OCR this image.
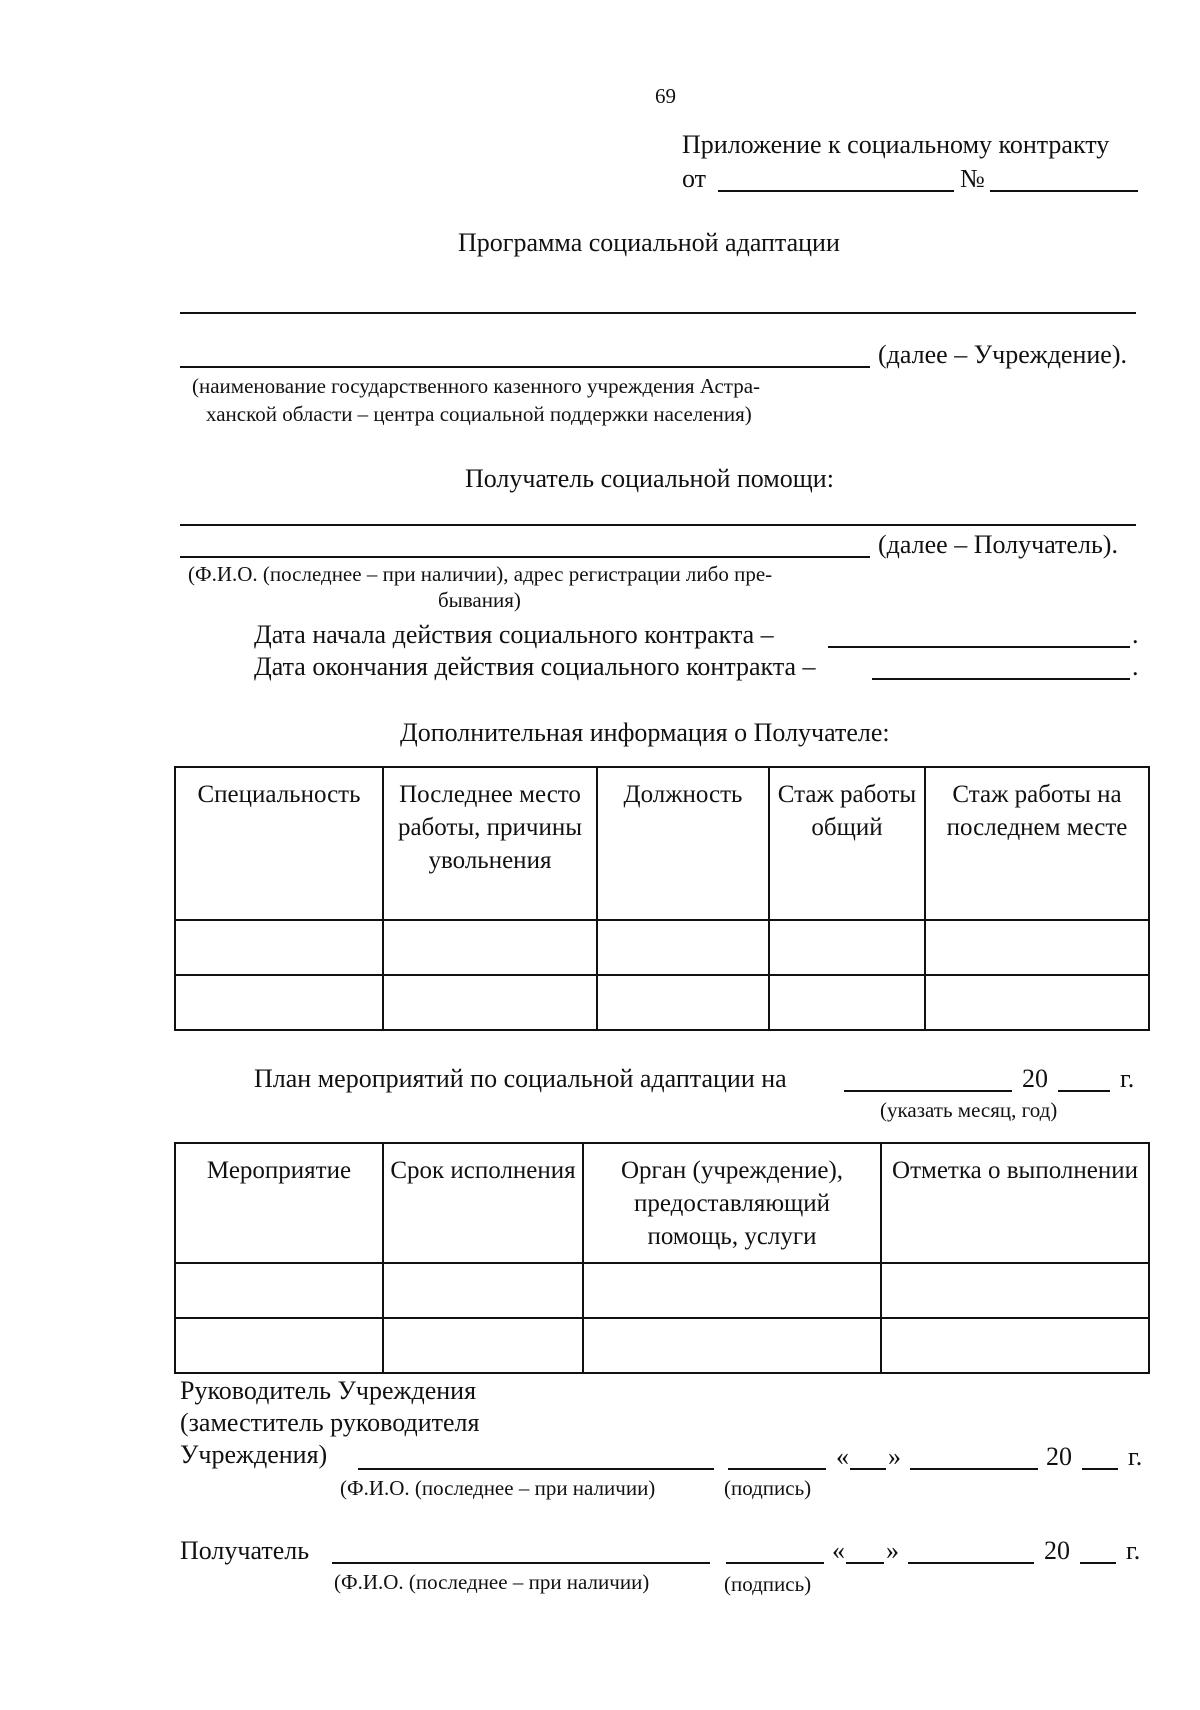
69
Приложение к социальному контракту
от	№
Программа социальной адаптации
(далее – Учреждение).
(наименование государственного казенного учреждения Астра-
ханской области – центра социальной поддержки населения)
Получатель социальной помощи:
(далее – Получатель).
(Ф.И.О. (последнее – при наличии), адрес регистрации либо пре-
бывания)
Дата начала действия социального контракта –	.
Дата окончания действия социального контракта –	.
Дополнительная информация о Получателе:
Специальность	Последнее место работы, причины увольнения	Должность	Стаж работы общий	Стаж работы на последнем месте

План мероприятий по социальной адаптации на	20	г.
(указать месяц, год)
Мероприятие	Срок исполнения	Орган (учреждение), предоставляющий помощь, услуги	Отметка о выполнении

Руководитель Учреждения
(заместитель руководителя
Учреждения)	« »	20 г.
(Ф.И.О. (последнее – при наличии)	(подпись)
Получатель	« »	20 г.
(Ф.И.О. (последнее – при наличии)	(подпись)
